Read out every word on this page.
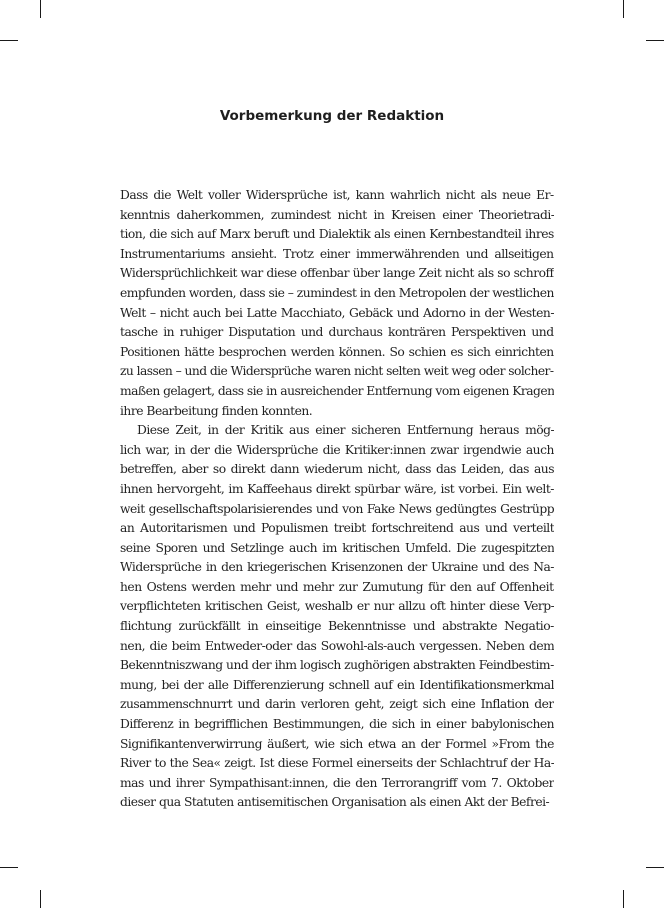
Vorbemerkung der Redaktion
Dass die Welt voller Widersprüche ist, kann wahrlich nicht als neue Er-
kenntnis daherkommen, zumindest nicht in Kreisen einer Theorietradi-
tion, die sich auf Marx beruft und Dialektik als einen Kernbestandteil ihres
Instrumentariums ansieht. Trotz einer immerwährenden und allseitigen
Widersprüchlichkeit war diese offenbar über lange Zeit nicht als so schroff
empfunden worden, dass sie – zumindest in den Metropolen der westlichen
Welt – nicht auch bei Latte Macchiato, Gebäck und Adorno in der Westen-
tasche in ruhiger Disputation und durchaus konträren Perspektiven und
Positionen hätte besprochen werden können. So schien es sich einrichten
zu lassen – und die Widersprüche waren nicht selten weit weg oder solcher-
maßen gelagert, dass sie in ausreichender Entfernung vom eigenen Kragen
ihre Bearbeitung finden konnten.
Diese Zeit, in der Kritik aus einer sicheren Entfernung heraus mög-
lich war, in der die Widersprüche die Kritiker:innen zwar irgendwie auch
betreffen, aber so direkt dann wiederum nicht, dass das Leiden, das aus
ihnen hervorgeht, im Kaffeehaus direkt spürbar wäre, ist vorbei. Ein welt-
weit gesellschaftspolarisierendes und von Fake News gedüngtes Gestrüpp
an Autoritarismen und Populismen treibt fortschreitend aus und verteilt
seine Sporen und Setzlinge auch im kritischen Umfeld. Die zugespitzten
Widersprüche in den kriegerischen Krisenzonen der Ukraine und des Na-
hen Ostens werden mehr und mehr zur Zumutung für den auf Offenheit
verpflichteten kritischen Geist, weshalb er nur allzu oft hinter diese Verp-
flichtung zurückfällt in einseitige Bekenntnisse und abstrakte Negatio-
nen, die beim Entweder-oder das Sowohl-als-auch vergessen. Neben dem
Bekenntniszwang und der ihm logisch zughörigen abstrakten Feindbestim-
mung, bei der alle Differenzierung schnell auf ein Identifikationsmerkmal
zusammenschnurrt und darin verloren geht, zeigt sich eine Inflation der
Differenz in begrifflichen Bestimmungen, die sich in einer babylonischen
Signifikantenverwirrung äußert, wie sich etwa an der Formel »From the
River to the Sea« zeigt. Ist diese Formel einerseits der Schlachtruf der Ha-
mas und ihrer Sympathisant:innen, die den Terrorangriff vom 7. Oktober
dieser qua Statuten antisemitischen Organisation als einen Akt der Befrei-
